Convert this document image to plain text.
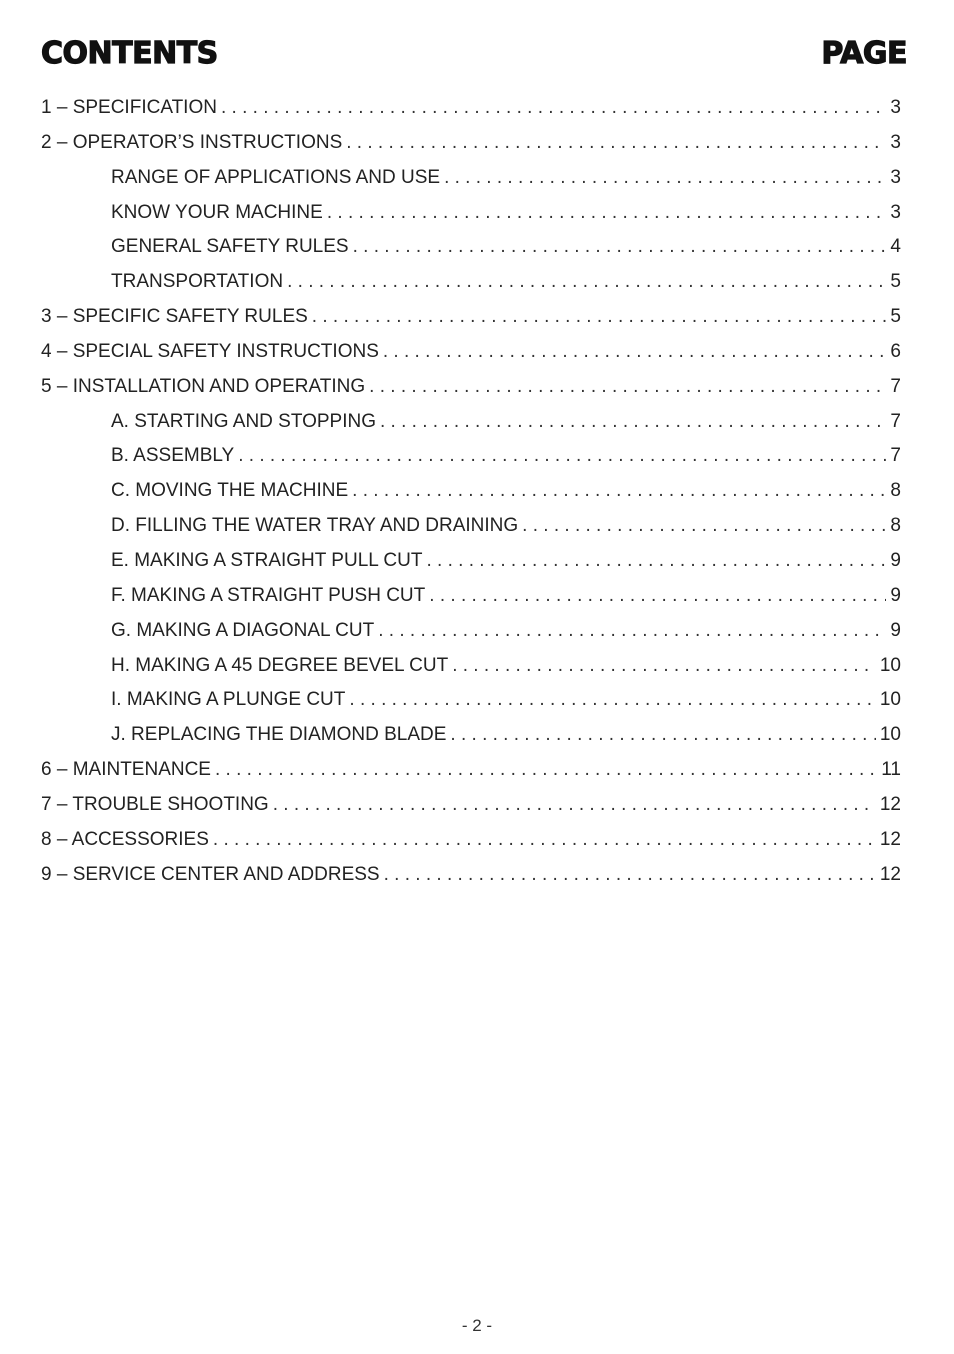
CONTENTS	PAGE
1 – SPECIFICATION . . .	3
2 – OPERATOR’S INSTRUCTIONS . . .	3
RANGE OF APPLICATIONS AND USE . . .	3
KNOW YOUR MACHINE . . .	3
GENERAL SAFETY RULES . . .	4
TRANSPORTATION . . .	5
3 – SPECIFIC SAFETY RULES . . .	5
4 – SPECIAL SAFETY INSTRUCTIONS . . .	6
5 – INSTALLATION AND OPERATING . . .	7
A. STARTING AND STOPPING . . .	7
B. ASSEMBLY . . .	7
C. MOVING THE MACHINE . . .	8
D. FILLING THE WATER TRAY AND DRAINING . . .	8
E. MAKING A STRAIGHT PULL CUT . . .	9
F. MAKING A STRAIGHT PUSH CUT . . .	9
G. MAKING A DIAGONAL CUT . . .	9
H. MAKING A 45 DEGREE BEVEL CUT . . .	10
I. MAKING A PLUNGE CUT . . .	10
J. REPLACING THE DIAMOND BLADE . . .	10
6 – MAINTENANCE . . .	11
7 – TROUBLE SHOOTING . . .	12
8 – ACCESSORIES . . .	12
9 – SERVICE CENTER AND ADDRESS . . .	12
- 2 -
